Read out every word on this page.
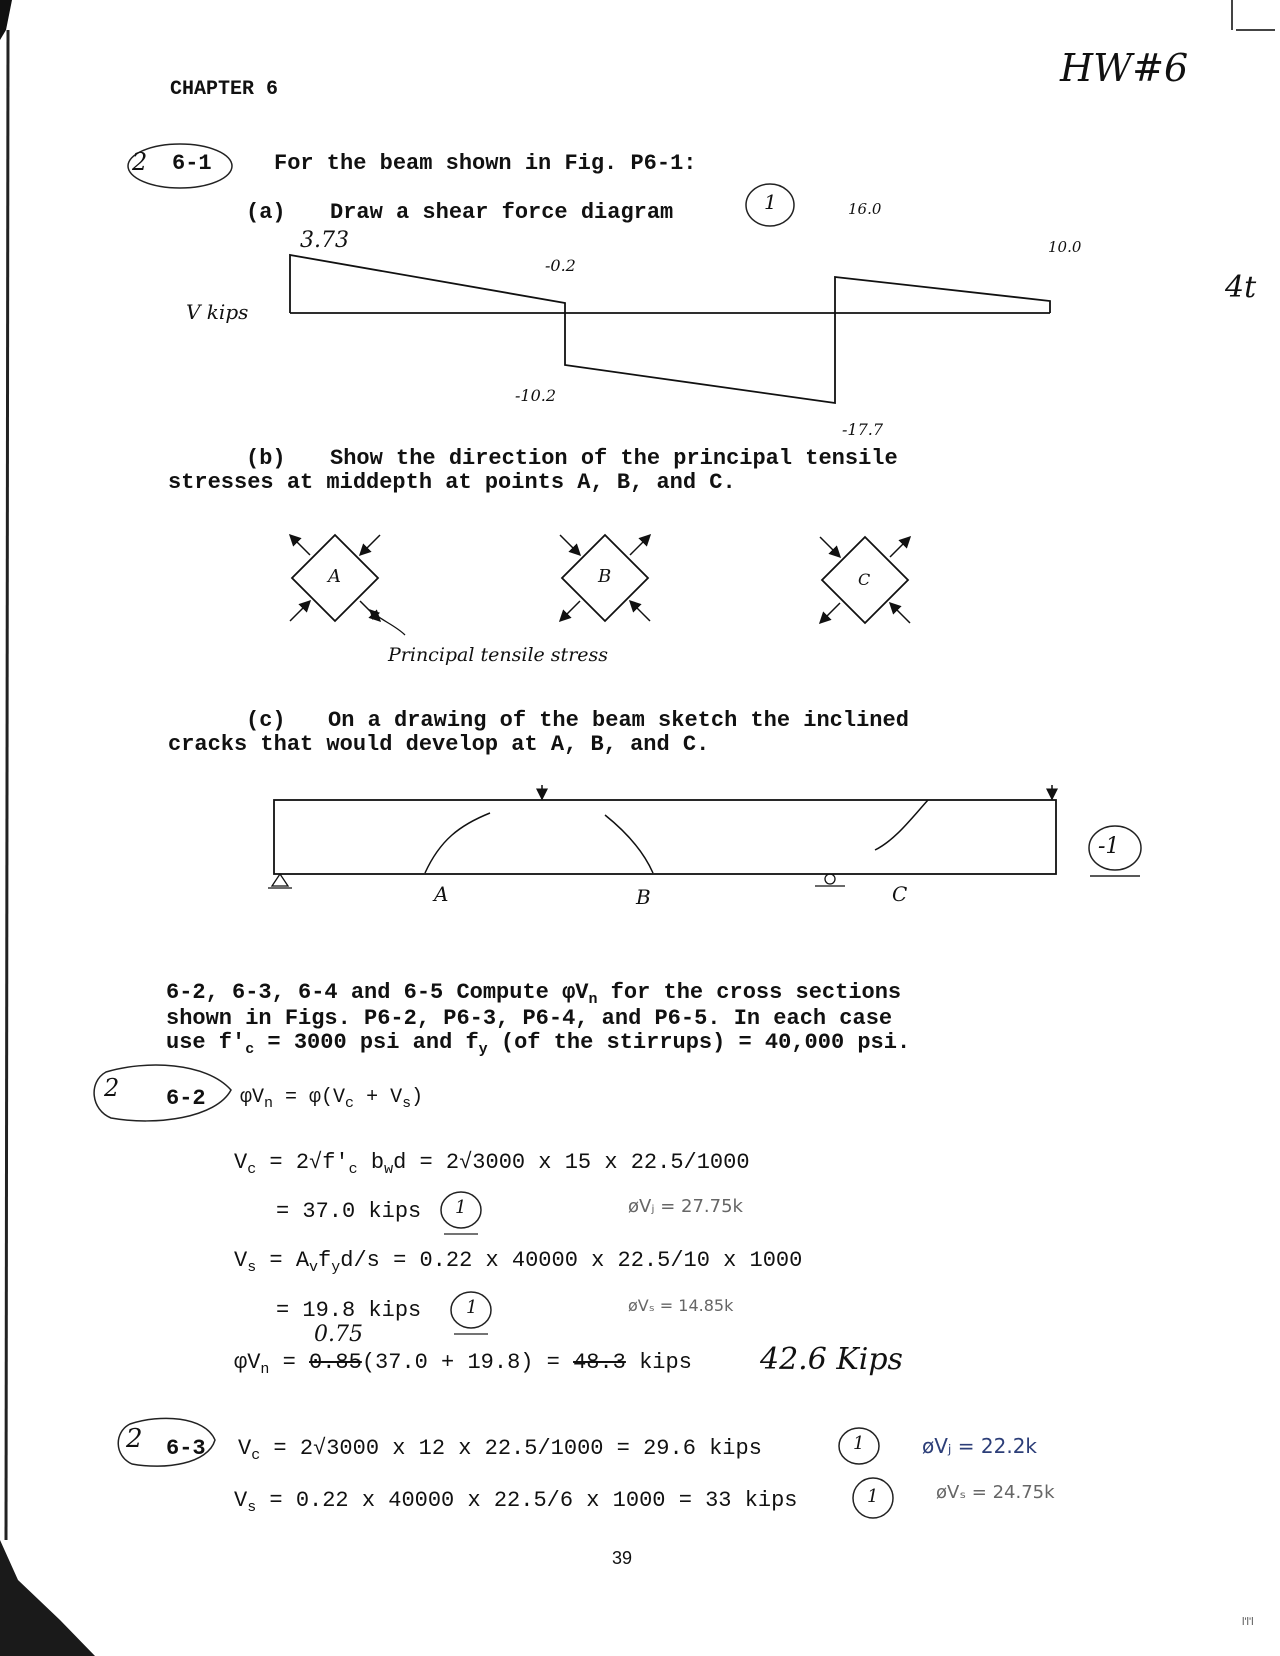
CHAPTER 6	HW#6
4t
2 6-1	For the beam shown in Fig. P6-1:
(a) Draw a shear force diagram	1
V kips
3.73
-0.2
-10.2
-17.7
16.0
10.0
(b) Show the direction of the principal tensile
stresses at middepth at points A, B, and C.
A	B	C
Principal tensile stress
(c) On a drawing of the beam sketch the inclined
cracks that would develop at A, B, and C.
A	B	C
-1
6-2, 6-3, 6-4 and 6-5 Compute $\varphi V_n$ for the cross sections
shown in Figs. P6-2, P6-3, P6-4, and P6-5. In each case
use $f'_c = 3000$ psi and $f_y$ (of the stirrups) = 40,000 psi.
2 6-2 $\varphi V_n = \varphi(V_c + V_s)$
$V_c = 2√f'_c$ $b_wd = 2√3000$ x 15 x 22.5/1000
= 37.0 kips 1	øVⱼ = 27.75k
$V_s = A_vf_yd/s = 0.22$ x 40000 x 22.5/10 x 1000
= 19.8 kips 1	øVₛ = 14.85k
$\varphi V_n = 0.85(37.0 + 19.8) = 48.3$ kips
0.75
42.6 Kips
2 6-3 $V_c = 2√3000$ x 12 x 22.5/1000 = 29.6 kips	1	øVⱼ = 22.2k
$V_s = 0.22$ x 40000 x 22.5/6 x 1000 = 33 kips	1	øVₛ = 24.75k
39
l'l'l
